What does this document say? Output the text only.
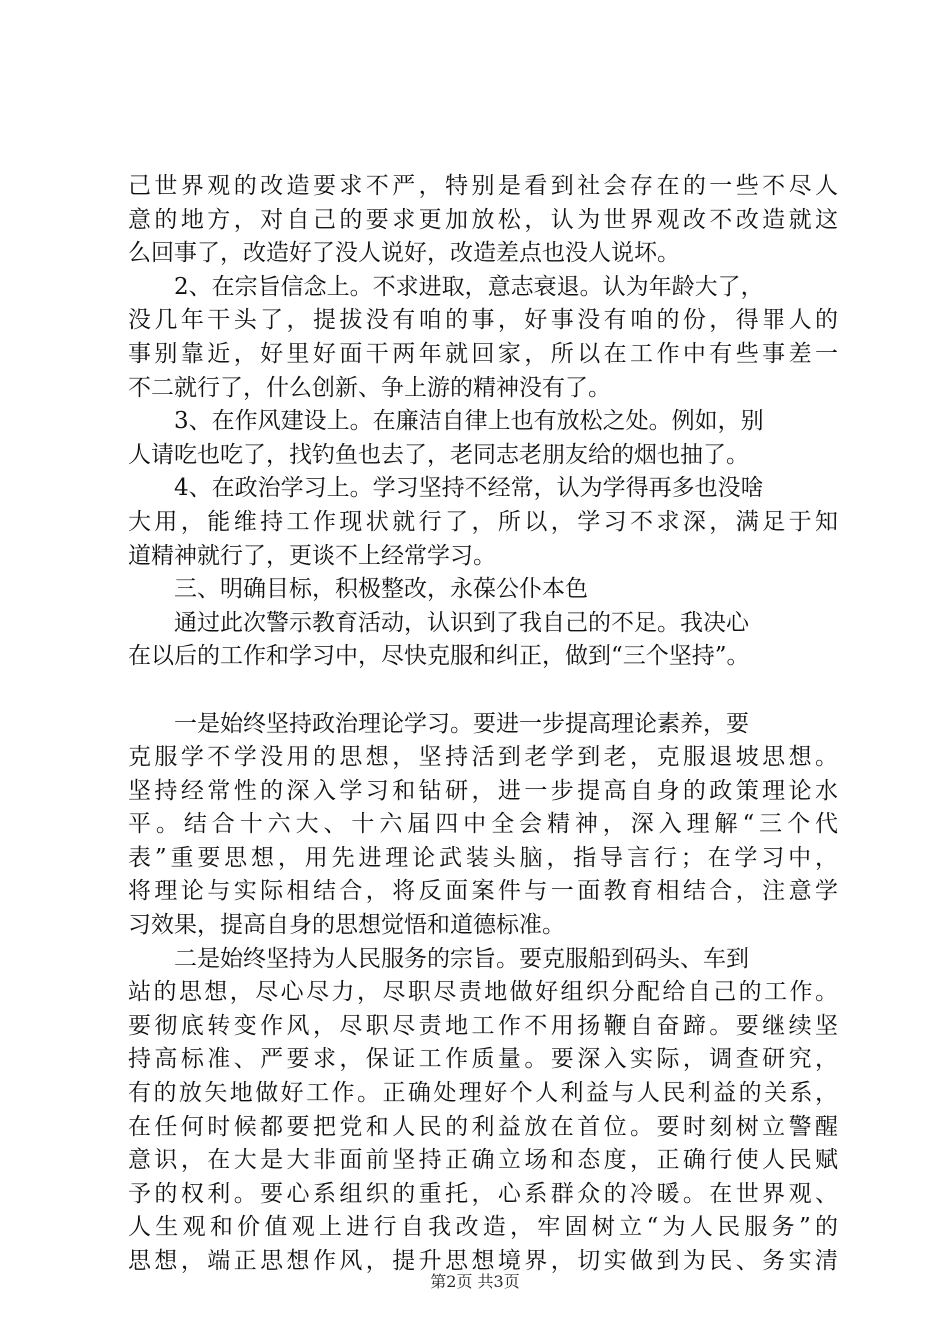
己世界观的改造要求不严，特别是看到社会存在的一些不尽人
意的地方，对自己的要求更加放松，认为世界观改不改造就这
么回事了，改造好了没人说好，改造差点也没人说坏。
2、在宗旨信念上。不求进取，意志衰退。认为年龄大了，
没几年干头了，提拔没有咱的事，好事没有咱的份，得罪人的
事别靠近，好里好面干两年就回家，所以在工作中有些事差一
不二就行了，什么创新、争上游的精神没有了。
3、在作风建设上。在廉洁自律上也有放松之处。例如，别
人请吃也吃了，找钓鱼也去了，老同志老朋友给的烟也抽了。
4、在政治学习上。学习坚持不经常，认为学得再多也没啥
大用，能维持工作现状就行了，所以，学习不求深，满足于知
道精神就行了，更谈不上经常学习。
三、明确目标，积极整改，永葆公仆本色
通过此次警示教育活动，认识到了我自己的不足。我决心
在以后的工作和学习中，尽快克服和纠正，做到“三个坚持”。
一是始终坚持政治理论学习。要进一步提高理论素养，要
克服学不学没用的思想，坚持活到老学到老，克服退坡思想。
坚持经常性的深入学习和钻研，进一步提高自身的政策理论水
平。结合十六大、十六届四中全会精神，深入理解“三个代
表”重要思想，用先进理论武装头脑，指导言行；在学习中，
将理论与实际相结合，将反面案件与一面教育相结合，注意学
习效果，提高自身的思想觉悟和道德标准。
二是始终坚持为人民服务的宗旨。要克服船到码头、车到
站的思想，尽心尽力，尽职尽责地做好组织分配给自己的工作。
要彻底转变作风，尽职尽责地工作不用扬鞭自奋蹄。要继续坚
持高标准、严要求，保证工作质量。要深入实际，调查研究，
有的放矢地做好工作。正确处理好个人利益与人民利益的关系，
在任何时候都要把党和人民的利益放在首位。要时刻树立警醒
意识，在大是大非面前坚持正确立场和态度，正确行使人民赋
予的权利。要心系组织的重托，心系群众的冷暖。在世界观、
人生观和价值观上进行自我改造，牢固树立“为人民服务”的
思想，端正思想作风，提升思想境界，切实做到为民、务实清
第2页 共3页
